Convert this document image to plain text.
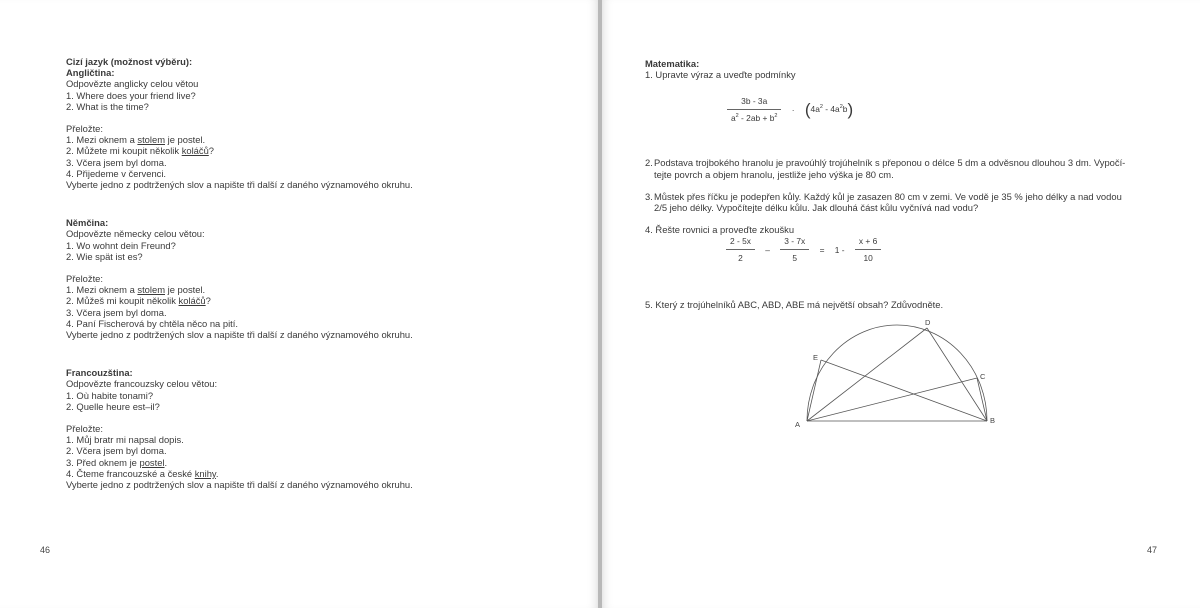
Cizí jazyk (možnost výběru):
Angličtina:
Odpovězte anglicky celou větou
1. Where does your friend live?
2. What is the time?
Přeložte:
1. Mezi oknem a stolem je postel.
2. Můžete mi koupit několik koláčů?
3. Včera jsem byl doma.
4. Přijedeme v červenci.
Vyberte jedno z podtržených slov a napište tři další z daného významového okruhu.
Němčina:
Odpovězte německy celou větou:
1. Wo wohnt dein Freund?
2. Wie spät ist es?
Přeložte:
1. Mezi oknem a stolem je postel.
2. Můžeš mi koupit několik koláčů?
3. Včera jsem byl doma.
4. Paní Fischerová by chtěla něco na pití.
Vyberte jedno z podtržených slov a napište tři další z daného významového okruhu.
Francouzština:
Odpovězte francouzsky celou větou:
1. Où habite tonami?
2. Quelle heure est–il?
Přeložte:
1. Můj bratr mi napsal dopis.
2. Včera jsem byl doma.
3. Před oknem je postel.
4. Čteme francouzské a české knihy.
Vyberte jedno z podtržených slov a napište tři další z daného významového okruhu.
46
Matematika:
1. Upravte výraz a uveďte podmínky
2.Podstava trojbokého hranolu je pravoúhlý trojúhelník s přeponou o délce 5 dm a odvěsnou dlouhou 3 dm. Vypočí-
tejte povrch a objem hranolu, jestliže jeho výška je 80 cm.
3.Můstek přes říčku je podepřen kůly. Každý kůl je zasazen 80 cm v zemi. Ve vodě je 35 % jeho délky a nad vodou
2/5 jeho délky. Vypočítejte délku kůlu. Jak dlouhá část kůlu vyčnívá nad vodu?
4. Řešte rovnici a proveďte zkoušku
5. Který z trojúhelníků ABC, ABD, ABE má největší obsah? Zdůvodněte.
$\frac{3b - 3a}{a^2 - 2ab + b^2} \cdot (4a^2 - 4a^2b)$
$\frac{2 - 5x}{2} - \frac{3 - 7x}{5} = 1 - \frac{x + 6}{10}$
A	B
C
D
E
47
